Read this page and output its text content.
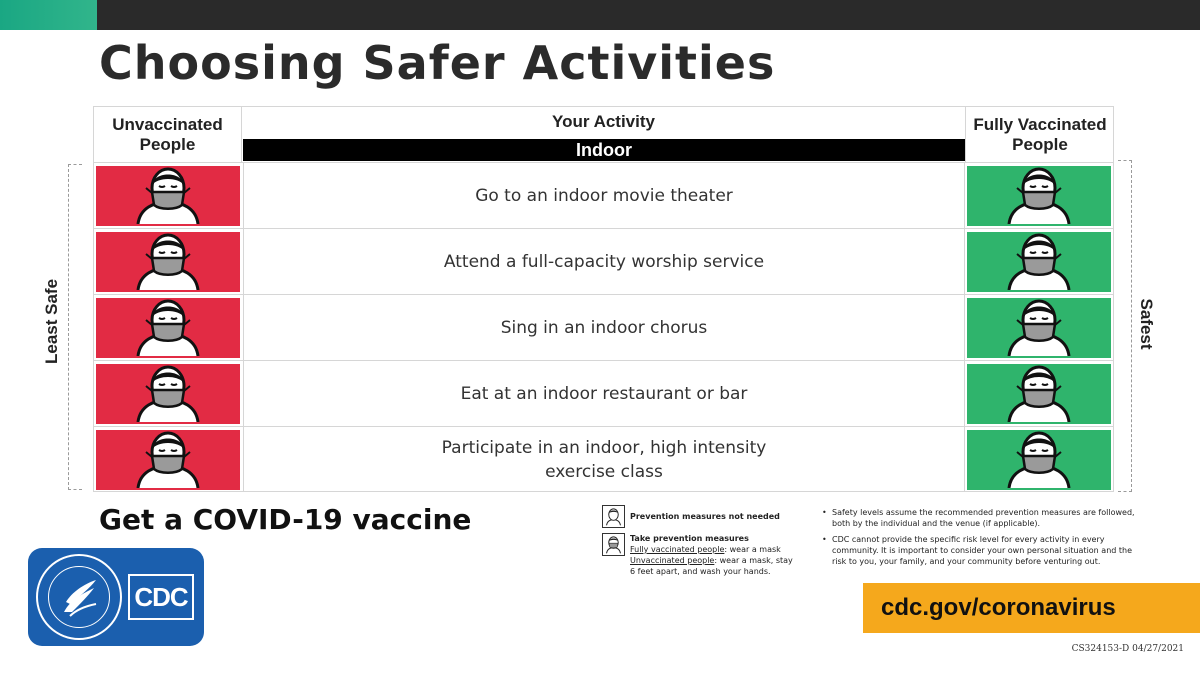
Choosing Safer Activities
Least Safe	Safest
Unvaccinated People
Your Activity
Indoor
Fully Vaccinated People
Go to an indoor movie theater
Attend a full-capacity worship service
Sing in an indoor chorus
Eat at an indoor restaurant or bar
Participate in an indoor, high intensity exercise class
Get a COVID-19 vaccine
CDC
Prevention measures not needed
Take prevention measures
Fully vaccinated people: wear a mask
Unvaccinated people: wear a mask, stay 6 feet apart, and wash your hands.
• Safety levels assume the recommended prevention measures are followed, both by the individual and the venue (if applicable).
• CDC cannot provide the specific risk level for every activity in every community. It is important to consider your own personal situation and the risk to you, your family, and your community before venturing out.
cdc.gov/coronavirus
CS324153-D 04/27/2021
